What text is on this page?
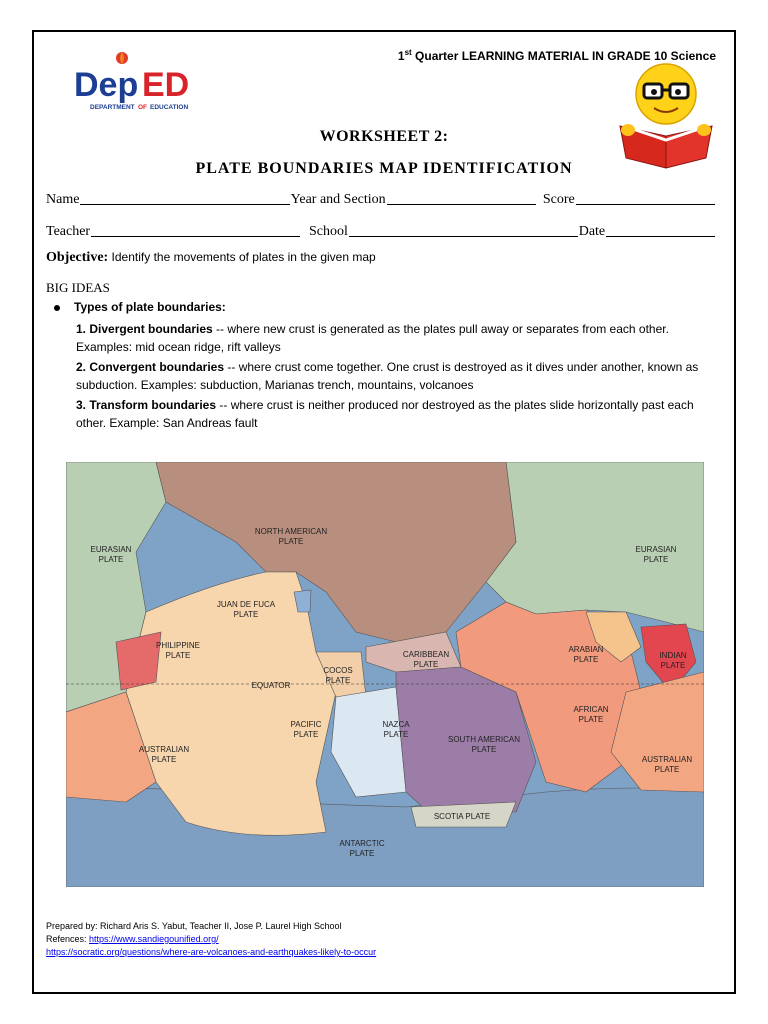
Dep ED
DEPARTMENT OF EDUCATION
1st Quarter LEARNING MATERIAL IN GRADE 10 Science
WORKSHEET 2:
PLATE BOUNDARIES MAP IDENTIFICATION
Name	Year and Section	Score
Teacher	School	Date
Objective: Identify the movements of plates in the given map
BIG IDEAS
Types of plate boundaries:
1. Divergent boundaries -- where new crust is generated as the plates pull away or separates from each other. Examples: mid ocean ridge, rift valleys
2. Convergent boundaries -- where crust come together. One crust is destroyed as it dives under another, known as subduction. Examples: subduction, Marianas trench, mountains, volcanoes
3. Transform boundaries -- where crust is neither produced nor destroyed as the plates slide horizontally past each other. Example: San Andreas fault
NORTH AMERICAN
PLATE
EURASIAN
PLATE
EURASIAN
PLATE
JUAN DE FUCA
PLATE
PHILIPPINE
PLATE	CARIBBEAN
PLATE
ARABIAN
PLATE	INDIAN
PLATE
COCOS
PLATE
EQUATOR
PACIFIC
PLATE
NAZCA
PLATE
SOUTH AMERICAN
PLATE
AFRICAN
PLATE
AUSTRALIAN
PLATE	AUSTRALIAN
PLATE
SCOTIA PLATE
ANTARCTIC
PLATE
Prepared by: Richard Aris S. Yabut, Teacher II, Jose P. Laurel High School
Refences: https://www.sandiegounified.org/
https://socratic.org/questions/where-are-volcanoes-and-earthquakes-likely-to-occur
